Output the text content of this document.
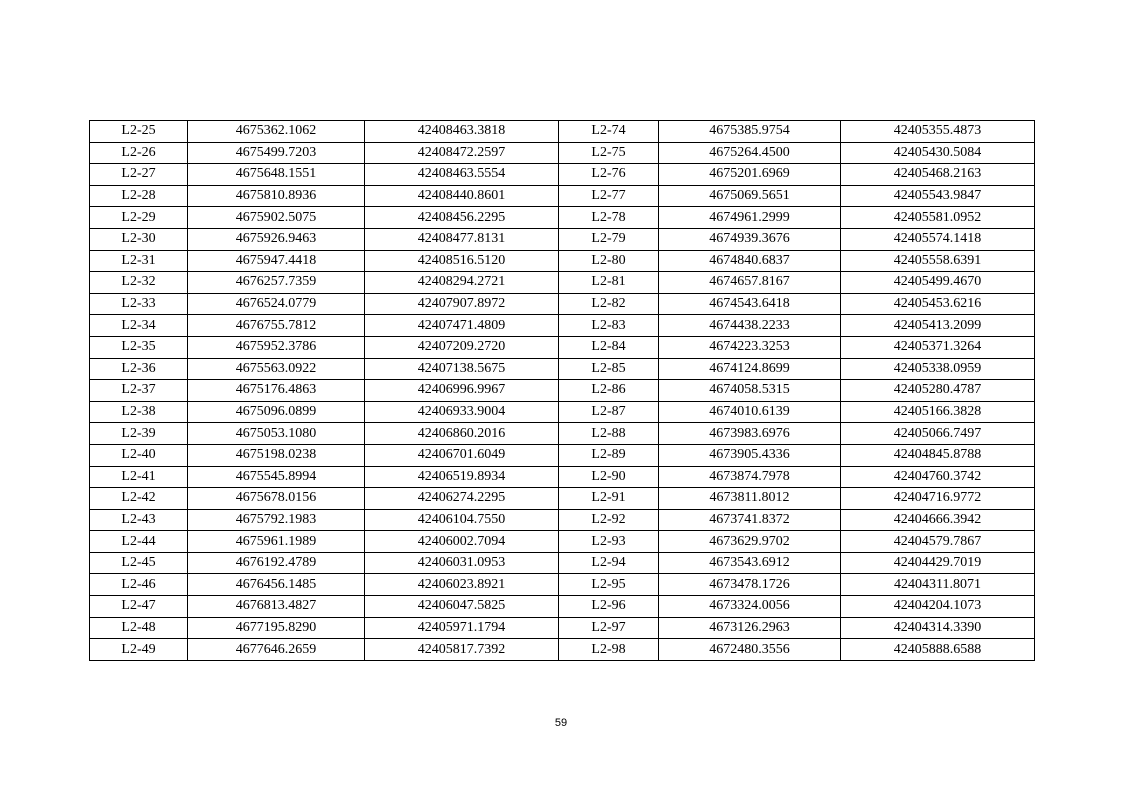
L2-25	4675362.1062	42408463.3818	L2-74	4675385.9754	42405355.4873
L2-26	4675499.7203	42408472.2597	L2-75	4675264.4500	42405430.5084
L2-27	4675648.1551	42408463.5554	L2-76	4675201.6969	42405468.2163
L2-28	4675810.8936	42408440.8601	L2-77	4675069.5651	42405543.9847
L2-29	4675902.5075	42408456.2295	L2-78	4674961.2999	42405581.0952
L2-30	4675926.9463	42408477.8131	L2-79	4674939.3676	42405574.1418
L2-31	4675947.4418	42408516.5120	L2-80	4674840.6837	42405558.6391
L2-32	4676257.7359	42408294.2721	L2-81	4674657.8167	42405499.4670
L2-33	4676524.0779	42407907.8972	L2-82	4674543.6418	42405453.6216
L2-34	4676755.7812	42407471.4809	L2-83	4674438.2233	42405413.2099
L2-35	4675952.3786	42407209.2720	L2-84	4674223.3253	42405371.3264
L2-36	4675563.0922	42407138.5675	L2-85	4674124.8699	42405338.0959
L2-37	4675176.4863	42406996.9967	L2-86	4674058.5315	42405280.4787
L2-38	4675096.0899	42406933.9004	L2-87	4674010.6139	42405166.3828
L2-39	4675053.1080	42406860.2016	L2-88	4673983.6976	42405066.7497
L2-40	4675198.0238	42406701.6049	L2-89	4673905.4336	42404845.8788
L2-41	4675545.8994	42406519.8934	L2-90	4673874.7978	42404760.3742
L2-42	4675678.0156	42406274.2295	L2-91	4673811.8012	42404716.9772
L2-43	4675792.1983	42406104.7550	L2-92	4673741.8372	42404666.3942
L2-44	4675961.1989	42406002.7094	L2-93	4673629.9702	42404579.7867
L2-45	4676192.4789	42406031.0953	L2-94	4673543.6912	42404429.7019
L2-46	4676456.1485	42406023.8921	L2-95	4673478.1726	42404311.8071
L2-47	4676813.4827	42406047.5825	L2-96	4673324.0056	42404204.1073
L2-48	4677195.8290	42405971.1794	L2-97	4673126.2963	42404314.3390
L2-49	4677646.2659	42405817.7392	L2-98	4672480.3556	42405888.6588
59
